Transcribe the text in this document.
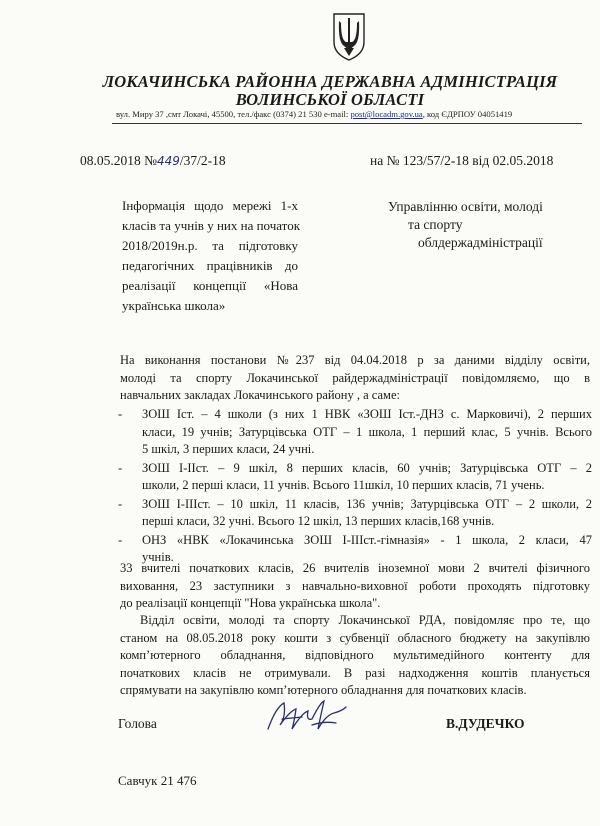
ЛОКАЧИНСЬКА РАЙОННА ДЕРЖАВНА АДМІНІСТРАЦІЯ
ВОЛИНСЬКОЇ ОБЛАСТІ
вул. Миру 37 ,смт Локачі, 45500, тел./факс (0374) 21 530 e-mail: post@locadm.gov.ua, код ЄДРПОУ 04051419
08.05.2018 №449/37/2-18	на № 123/57/2-18 від 02.05.2018
Інформація щодо мережі 1-х
класів та учнів у них на початок
2018/2019н.р. та підготовку
педагогічних працівників до
реалізації концепції «Нова
українська школа»
Управлінню освіти, молоді
та спорту
облдержадміністрації
На виконання постанови №237 від 04.04.2018 р за даними відділу освіти,
молоді та спорту Локачинської райдержадміністрації повідомляємо, що в
навчальних закладах Локачинського району , а саме:
- ЗОШ Іст. – 4 школи (з них 1 НВК «ЗОШ Іст.-ДНЗ с. Марковичі), 2 перших
класи, 19 учнів; Затурцівська ОТГ – 1 школа, 1 перший клас, 5 учнів. Всього
5 шкіл, 3 перших класи, 24 учні.
- ЗОШ І-ІІст. – 9 шкіл, 8 перших класів, 60 учнів; Затурцівська ОТГ – 2
школи, 2 перші класи, 11 учнів. Всього 11шкіл, 10 перших класів, 71 учень.
- ЗОШ І-ІІІст. – 10 шкіл, 11 класів, 136 учнів; Затурцівська ОТГ – 2 школи, 2
перші класи, 32 учні. Всього 12 шкіл, 13 перших класів,168 учнів.
- ОНЗ «НВК «Локачинська ЗОШ І-ІІІст.-гімназія» - 1 школа, 2 класи, 47
учнів.
33 вчителі початкових класів, 26 вчителів іноземної мови 2 вчителі фізичного
виховання, 23 заступники з навчально-виховної роботи проходять підготовку
до реалізації концепції "Нова українська школа".
Відділ освіти, молоді та спорту Локачинської РДА, повідомляє про те, що
станом на 08.05.2018 року кошти з субвенції обласного бюджету на закупівлю
комп’ютерного обладнання, відповідного мультимедійного контенту для
початкових класів не отримували. В разі надходження коштів планується
спрямувати на закупівлю комп’ютерного обладнання для початкових класів.
Голова	В.ДУДЕЧКО
Савчук 21 476
